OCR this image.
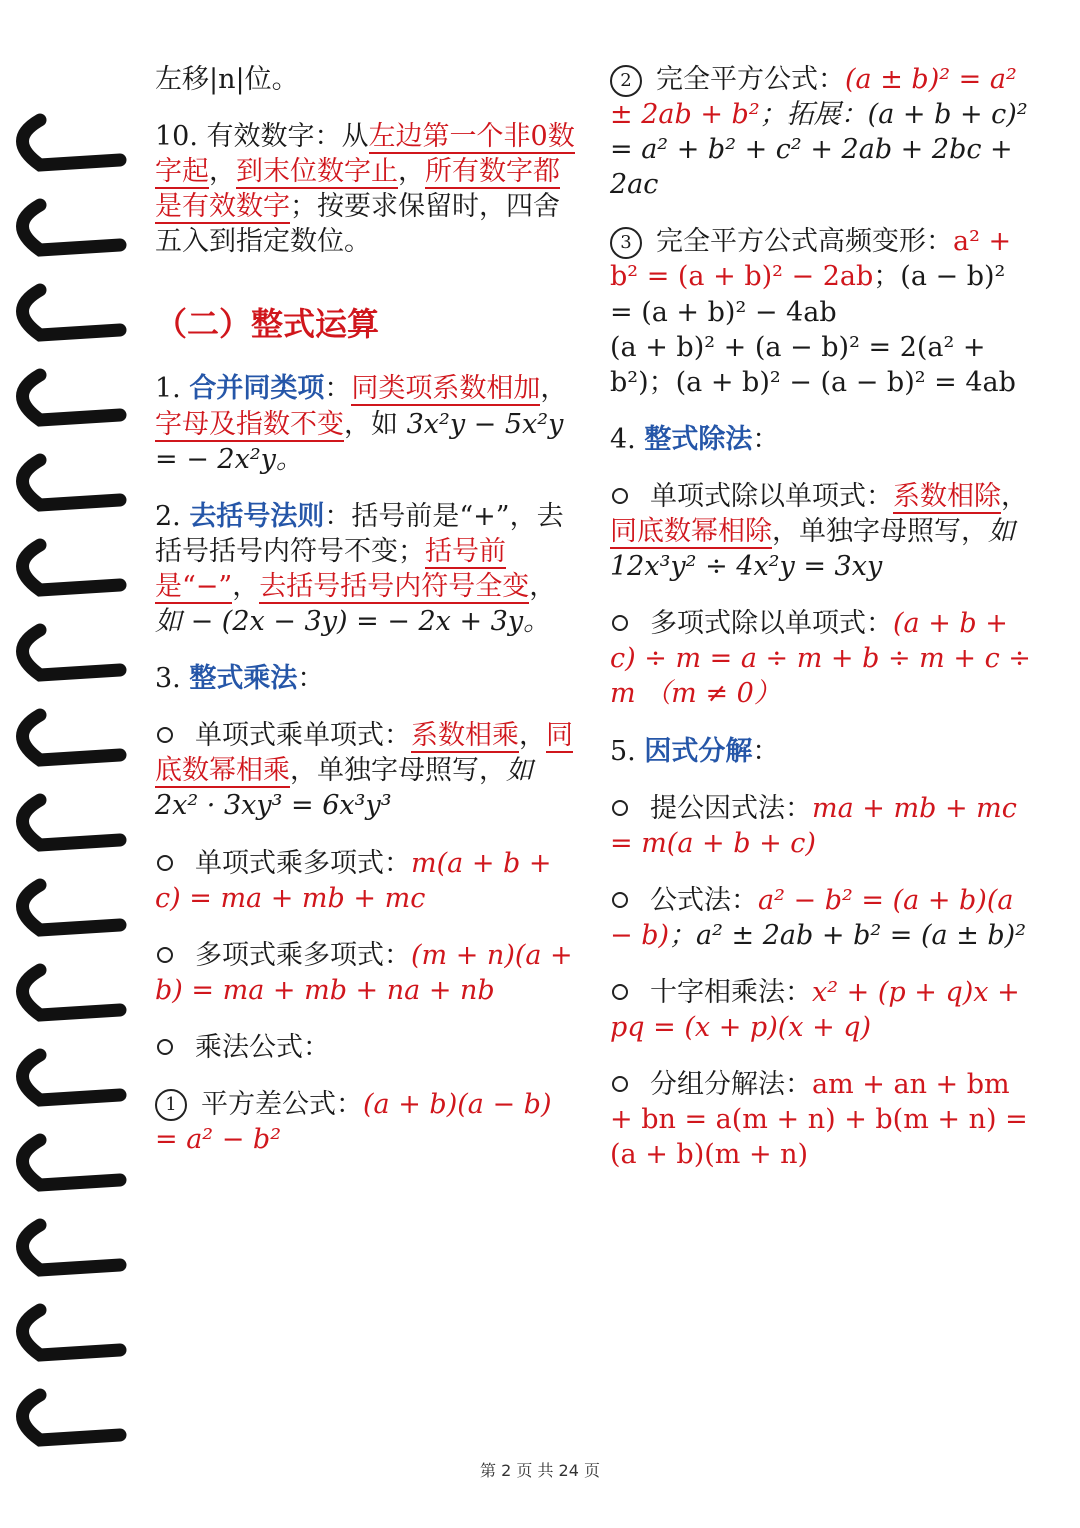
左移|n|位。

10. 有效数字：从左边第一个非0数字起，到末位数字止，所有数字都是有效数字；按要求保留时，四舍五入到指定数位。

（二）整式运算

1. 合并同类项：同类项系数相加，字母及指数不变，如 3x²y − 5x²y = − 2x²y。

2. 去括号法则：括号前是“+”，去括号括号内符号不变；括号前是“−”，去括号括号内符号全变，如 − (2x − 3y) = − 2x + 3y。

3. 整式乘法：

单项式乘单项式：系数相乘，同底数幂相乘，单独字母照写，如 2x² · 3xy³ = 6x³y³

单项式乘多项式：m(a + b + c) = ma + mb + mc

多项式乘多项式：(m + n)(a + b) = ma + mb + na + nb

乘法公式：

1 平方差公式：(a + b)(a − b) = a² − b²

2 完全平方公式：(a ± b)² = a² ± 2ab + b²；拓展：(a + b + c)² = a² + b² + c² + 2ab + 2bc + 2ac

3 完全平方公式高频变形：a² + b² = (a + b)² − 2ab；(a − b)² = (a + b)² − 4ab
(a + b)² + (a − b)² = 2(a² + b²)；(a + b)² − (a − b)² = 4ab

4. 整式除法：

单项式除以单项式：系数相除，同底数幂相除，单独字母照写，如 12x³y² ÷ 4x²y = 3xy

多项式除以单项式：(a + b + c) ÷ m = a ÷ m + b ÷ m + c ÷ m （m ≠ 0）

5. 因式分解：

提公因式法：ma + mb + mc = m(a + b + c)

公式法：a² − b² = (a + b)(a − b)；a² ± 2ab + b² = (a ± b)²

十字相乘法：x² + (p + q)x + pq = (x + p)(x + q)

分组分解法：am + an + bm + bn = a(m + n) + b(m + n) = (a + b)(m + n)

第 2 页 共 24 页
